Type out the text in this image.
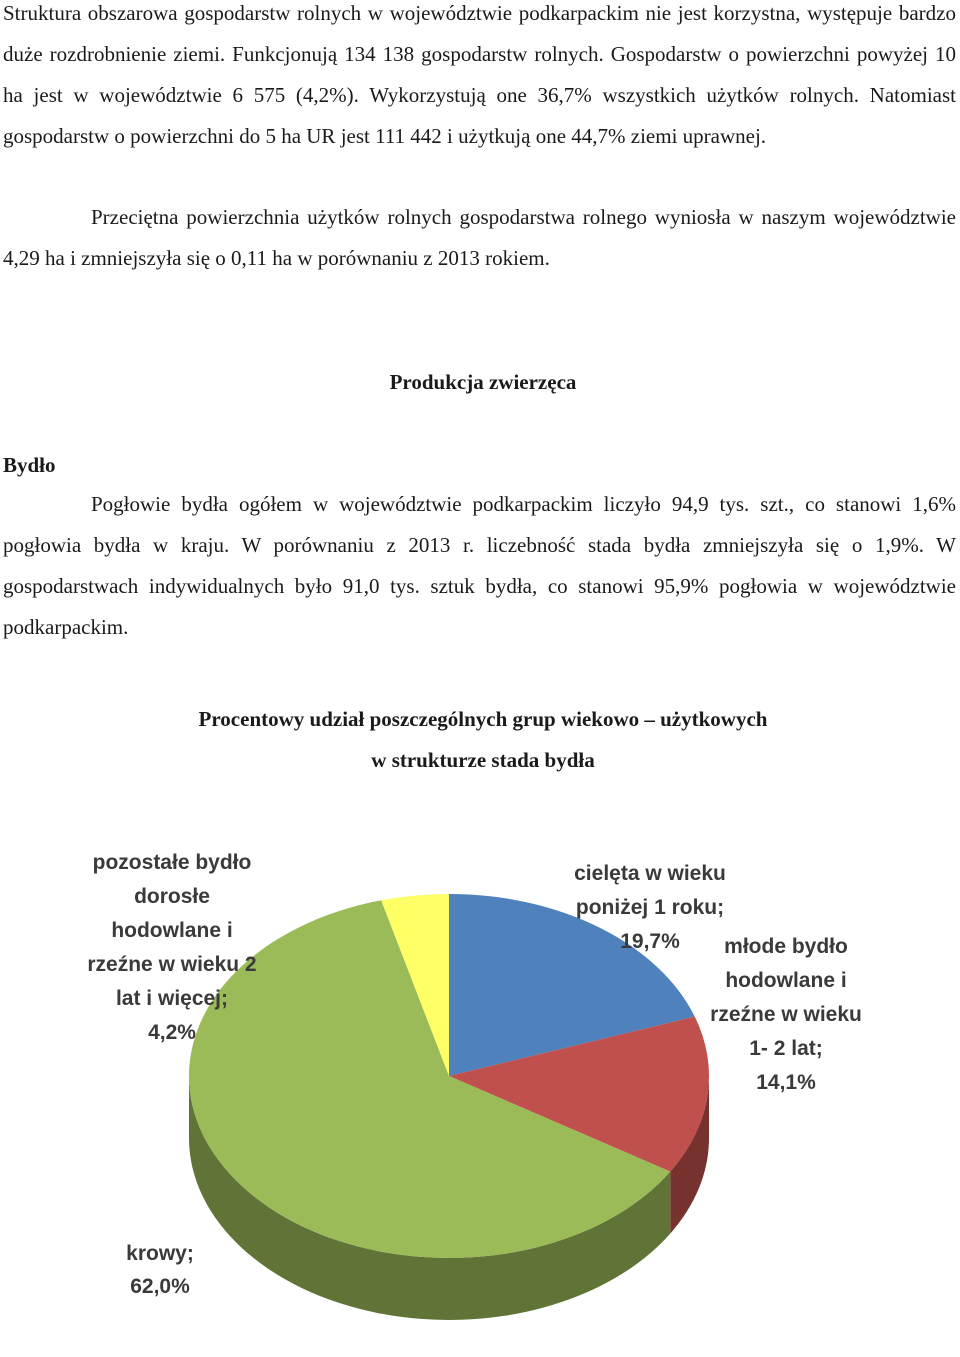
Struktura obszarowa gospodarstw rolnych w województwie podkarpackim nie jest korzystna, występuje bardzo duże rozdrobnienie ziemi. Funkcjonują 134 138 gospodarstw rolnych. Gospodarstw o powierzchni powyżej 10 ha jest w województwie 6 575 (4,2%). Wykorzystują one 36,7% wszystkich użytków rolnych. Natomiast gospodarstw o powierzchni do 5 ha UR jest 111 442 i użytkują one 44,7% ziemi uprawnej.

Przeciętna powierzchnia użytków rolnych gospodarstwa rolnego wyniosła w naszym województwie 4,29 ha i zmniejszyła się o 0,11 ha w porównaniu z 2013 rokiem.

Produkcja zwierzęca
Bydło

Pogłowie bydła ogółem w województwie podkarpackim liczyło 94,9 tys. szt., co stanowi 1,6% pogłowia bydła w kraju. W porównaniu z 2013 r. liczebność stada bydła zmniejszyła się o 1,9%. W gospodarstwach indywidualnych było 91,0 tys. sztuk bydła, co stanowi 95,9% pogłowia w województwie podkarpackim.

Procentowy udział poszczególnych grup wiekowo – użytkowych
w strukturze stada bydła
cielęta w wieku poniżej 1 roku; 19,7%	młode bydło hodowlane i rzeźne w wieku 1- 2 lat; 14,1%
krowy; 62,0%
pozostałe bydło dorosłe hodowlane i rzeźne w wieku 2 lat i więcej; 4,2%
